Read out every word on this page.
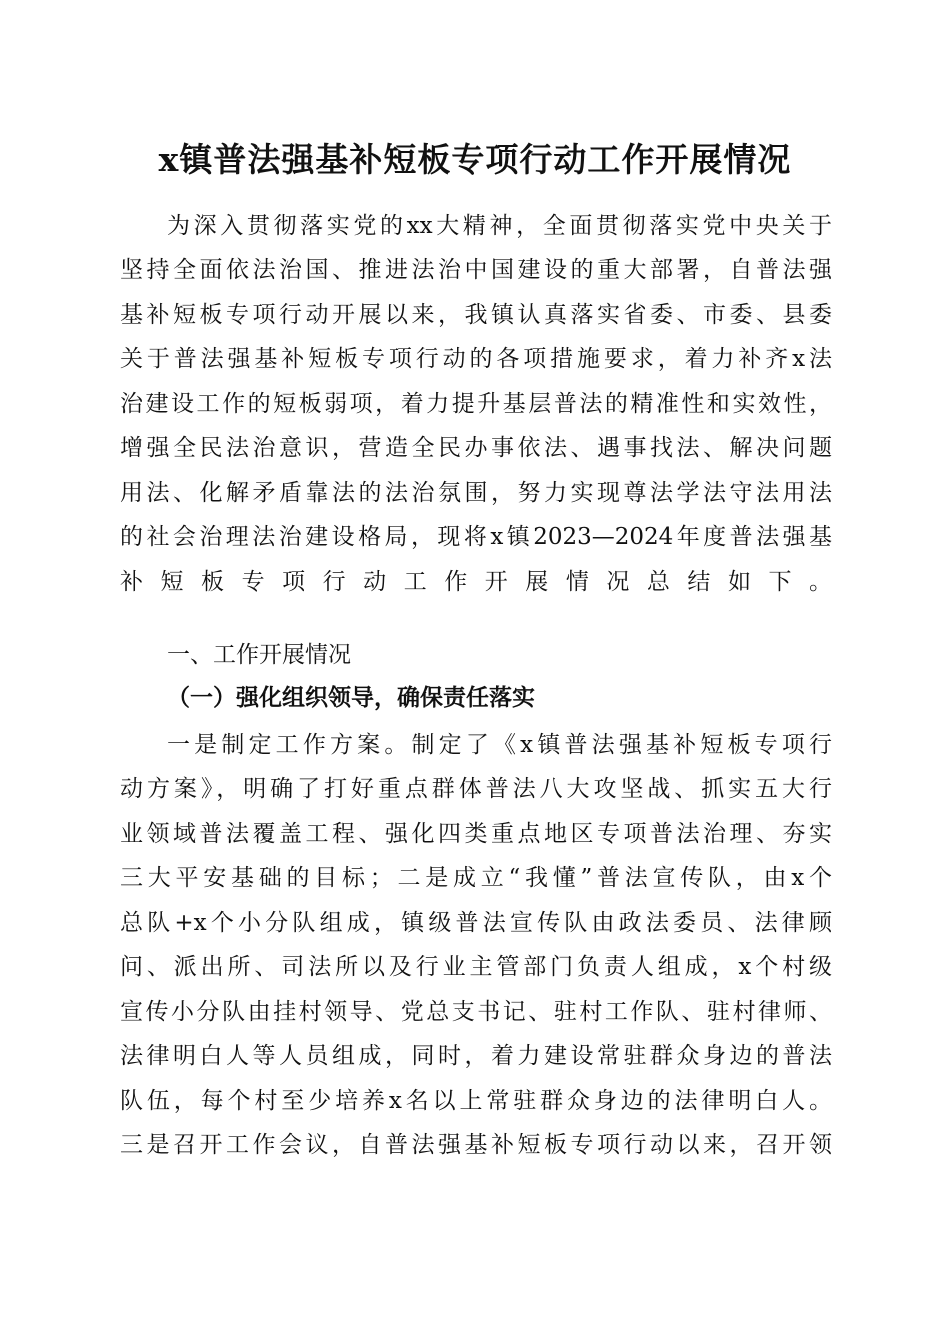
x镇普法强基补短板专项行动工作开展情况
为深入贯彻落实党的xx大精神，全面贯彻落实党中央关于
坚持全面依法治国、推进法治中国建设的重大部署，自普法强
基补短板专项行动开展以来，我镇认真落实省委、市委、县委
关于普法强基补短板专项行动的各项措施要求，着力补齐x法
治建设工作的短板弱项，着力提升基层普法的精准性和实效性，
增强全民法治意识，营造全民办事依法、遇事找法、解决问题
用法、化解矛盾靠法的法治氛围，努力实现尊法学法守法用法
的社会治理法治建设格局，现将x镇2023—2024年度普法强基
补短板专项行动工作开展情况总结如下。
一、工作开展情况
（一）强化组织领导，确保责任落实
一是制定工作方案。制定了《x镇普法强基补短板专项行
动方案》，明确了打好重点群体普法八大攻坚战、抓实五大行
业领域普法覆盖工程、强化四类重点地区专项普法治理、夯实
三大平安基础的目标；二是成立“我懂”普法宣传队，由x个
总队+x个小分队组成，镇级普法宣传队由政法委员、法律顾
问、派出所、司法所以及行业主管部门负责人组成，x个村级
宣传小分队由挂村领导、党总支书记、驻村工作队、驻村律师、
法律明白人等人员组成，同时，着力建设常驻群众身边的普法
队伍，每个村至少培养x名以上常驻群众身边的法律明白人。
三是召开工作会议，自普法强基补短板专项行动以来，召开领
